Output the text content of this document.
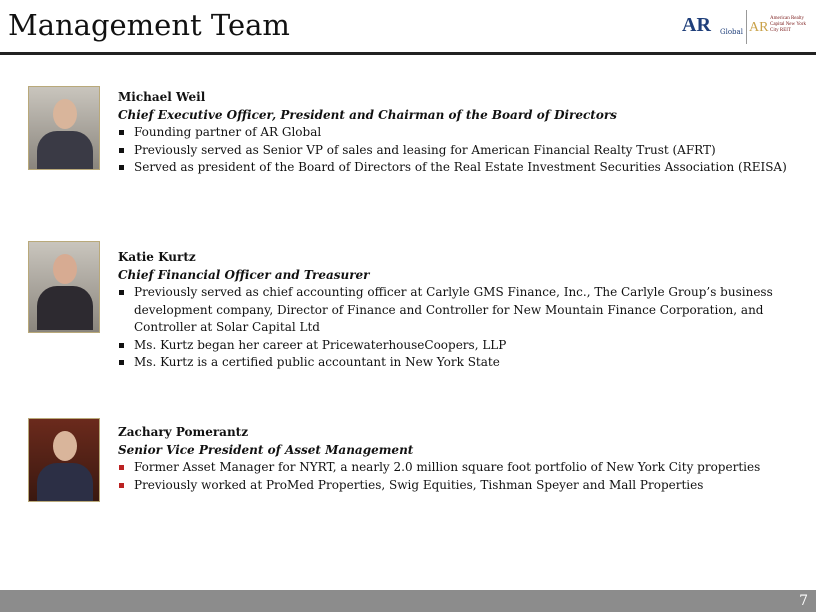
Management Team	AR Global AR
American Realty Capital New York City REIT
Michael Weil
Chief Executive Officer, President and Chairman of the Board of Directors
Founding partner of AR Global
Previously served as Senior VP of sales and leasing for American Financial Realty Trust (AFRT)
Served as president of the Board of Directors of the Real Estate Investment Securities Association (REISA)
Katie Kurtz
Chief Financial Officer and Treasurer
Previously served as chief accounting officer at Carlyle GMS Finance, Inc., The Carlyle Group’s business development company, Director of Finance and Controller for New Mountain Finance Corporation, and Controller at Solar Capital Ltd
Ms. Kurtz began her career at PricewaterhouseCoopers, LLP
Ms. Kurtz is a certified public accountant in New York State
Zachary Pomerantz
Senior Vice President of Asset Management
Former Asset Manager for NYRT, a nearly 2.0 million square foot portfolio of New York City properties
Previously worked at ProMed Properties, Swig Equities, Tishman Speyer and Mall Properties
7
